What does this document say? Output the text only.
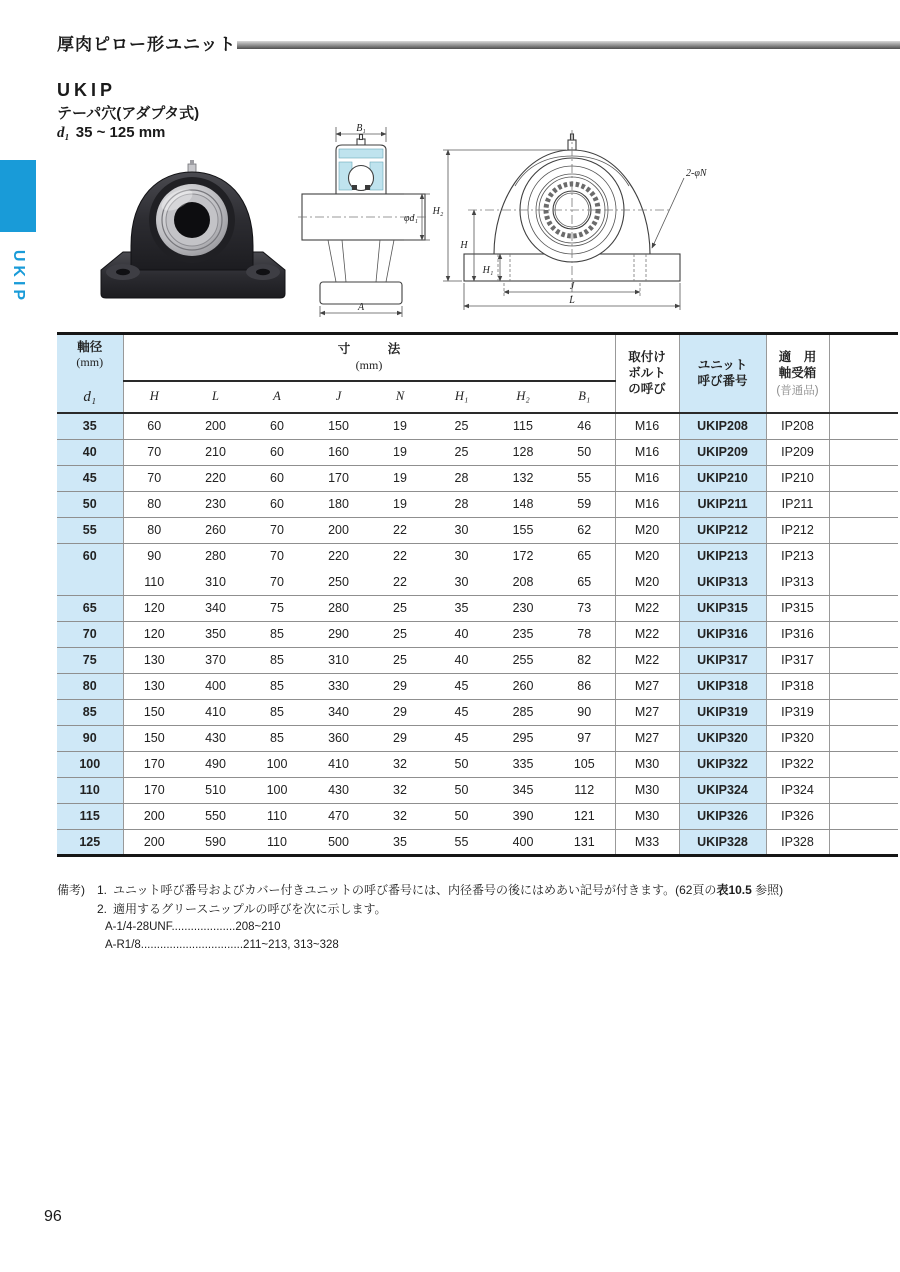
厚肉ピロー形ユニット
UKIP
UKIP
テーパ穴(アダプタ式)
d₁ 35 ~ 125 mm	B₁
φd₁
A
H₂
H
H₁
J
L
2-φN
軸径
(mm)
d₁

寸　　　法
(mm)

取付け
ボルト
の呼び

ユニット
呼び番号

適　用
軸受箱
(普通品)

	H	L	A	J	N	H₁	H₂	B₁				
35	60	200	60	150	19	25	115	46	M16	UKIP208	IP208	
40	70	210	60	160	19	25	128	50	M16	UKIP209	IP209	
45	70	220	60	170	19	28	132	55	M16	UKIP210	IP210	
50	80	230	60	180	19	28	148	59	M16	UKIP211	IP211	
55	80	260	70	200	22	30	155	62	M20	UKIP212	IP212	
60	90	280	70	220	22	30	172	65	M20	UKIP213	IP213	
	110	310	70	250	22	30	208	65	M20	UKIP313	IP313	
65	120	340	75	280	25	35	230	73	M22	UKIP315	IP315	
70	120	350	85	290	25	40	235	78	M22	UKIP316	IP316	
75	130	370	85	310	25	40	255	82	M22	UKIP317	IP317	
80	130	400	85	330	29	45	260	86	M27	UKIP318	IP318	
85	150	410	85	340	29	45	285	90	M27	UKIP319	IP319	
90	150	430	85	360	29	45	295	97	M27	UKIP320	IP320	
100	170	490	100	410	32	50	335	105	M30	UKIP322	IP322	
110	170	510	100	430	32	50	345	112	M30	UKIP324	IP324	
115	200	550	110	470	32	50	390	121	M30	UKIP326	IP326	
125	200	590	110	500	35	55	400	131	M33	UKIP328	IP328	
備考)	1. ユニット呼び番号およびカバー付きユニットの呼び番号には、内径番号の後にはめあい記号が付きます。(62頁の表10.5 参照)
2. 適用するグリースニップルの呼びを次に示します。
A-1/4-28UNF....................208~210
A-R1/8................................211~213, 313~328
96
